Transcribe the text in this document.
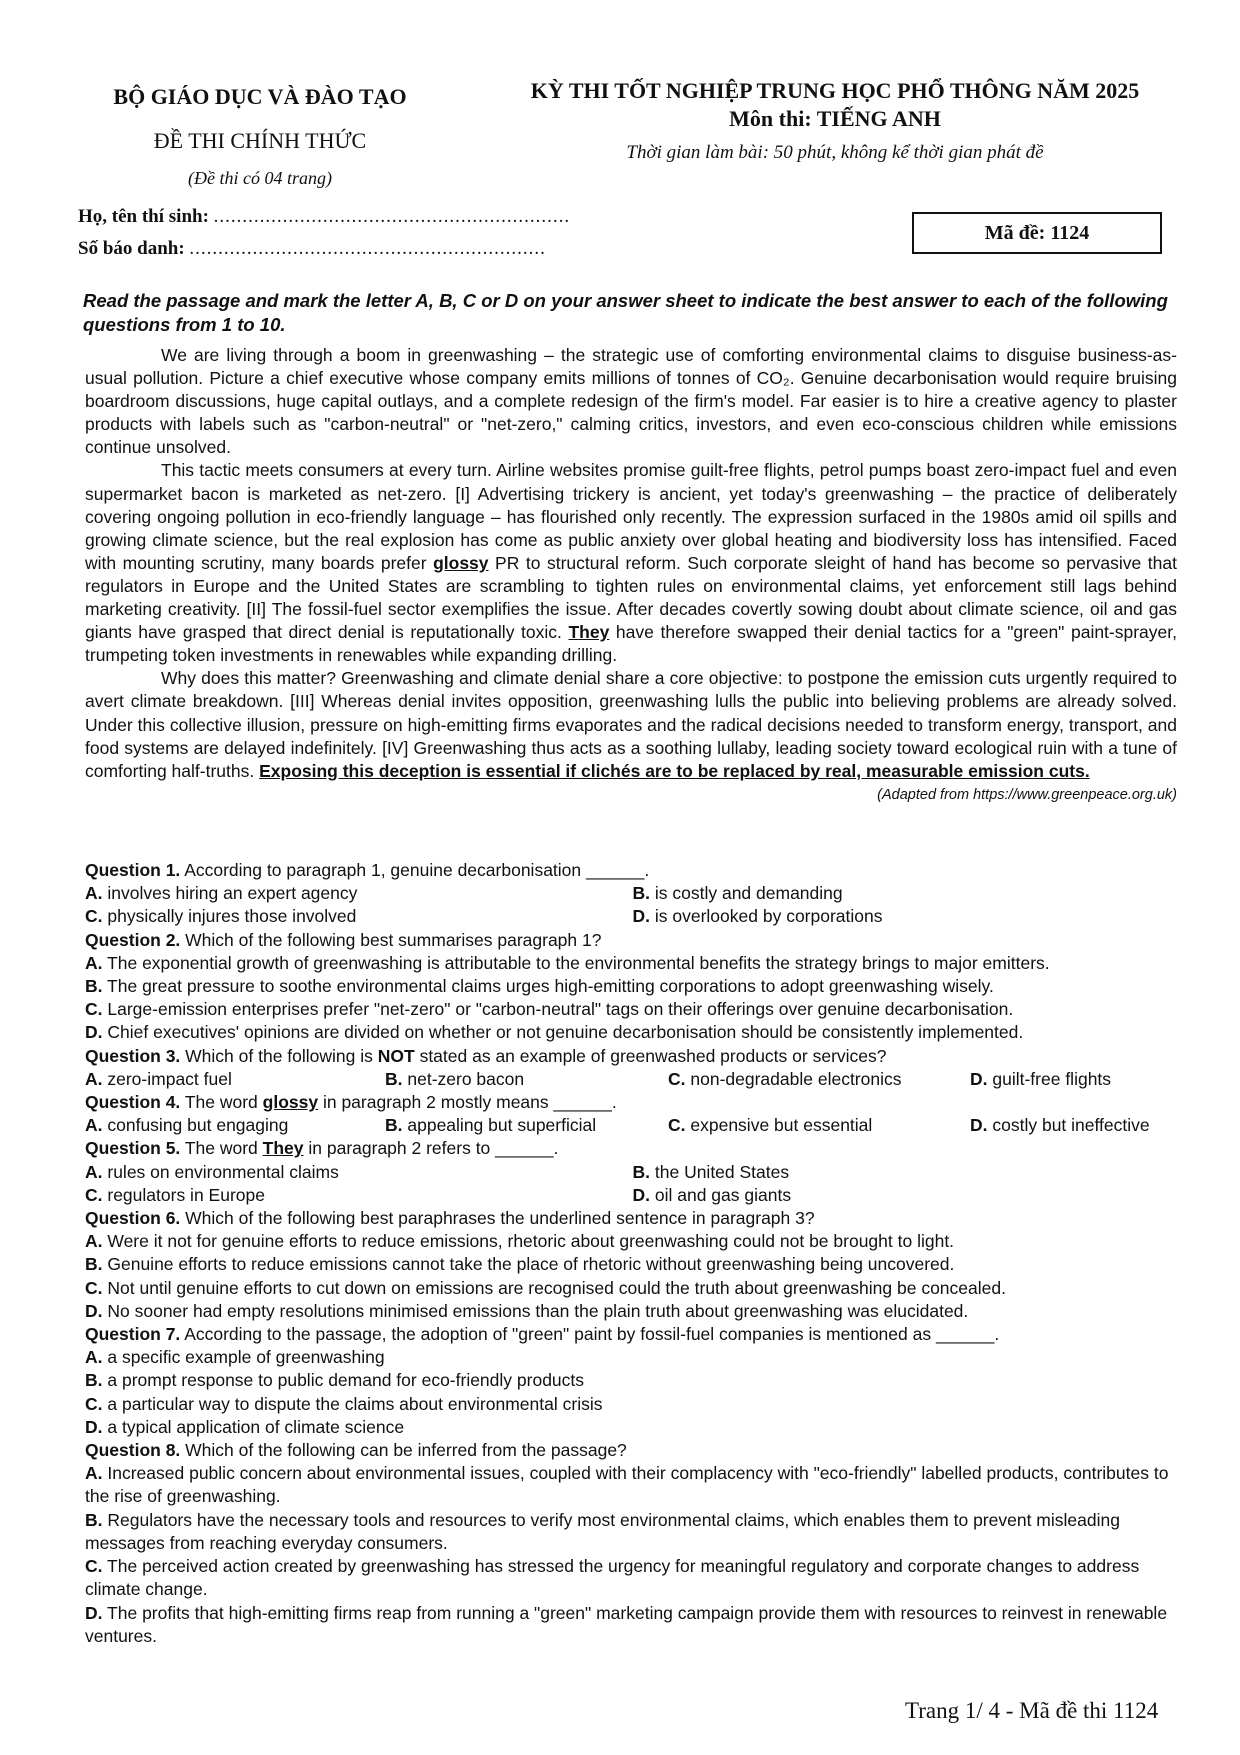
BỘ GIÁO DỤC VÀ ĐÀO TẠO
ĐỀ THI CHÍNH THỨC
(Đề thi có 04 trang)
KỲ THI TỐT NGHIỆP TRUNG HỌC PHỔ THÔNG NĂM 2025
Môn thi: TIẾNG ANH
Thời gian làm bài: 50 phút, không kể thời gian phát đề
Họ, tên thí sinh: ..............................................................
Số báo danh: ..............................................................
Mã đề: 1124
Read the passage and mark the letter A, B, C or D on your answer sheet to indicate the best answer to each of the following questions from 1 to 10.

We are living through a boom in greenwashing – the strategic use of comforting environmental claims to disguise business-as-usual pollution. Picture a chief executive whose company emits millions of tonnes of CO₂. Genuine decarbonisation would require bruising boardroom discussions, huge capital outlays, and a complete redesign of the firm's model. Far easier is to hire a creative agency to plaster products with labels such as "carbon-neutral" or "net-zero," calming critics, investors, and even eco-conscious children while emissions continue unsolved.

This tactic meets consumers at every turn. Airline websites promise guilt-free flights, petrol pumps boast zero-impact fuel and even supermarket bacon is marketed as net-zero. [I] Advertising trickery is ancient, yet today's greenwashing – the practice of deliberately covering ongoing pollution in eco-friendly language – has flourished only recently. The expression surfaced in the 1980s amid oil spills and growing climate science, but the real explosion has come as public anxiety over global heating and biodiversity loss has intensified. Faced with mounting scrutiny, many boards prefer glossy PR to structural reform. Such corporate sleight of hand has become so pervasive that regulators in Europe and the United States are scrambling to tighten rules on environmental claims, yet enforcement still lags behind marketing creativity. [II] The fossil-fuel sector exemplifies the issue. After decades covertly sowing doubt about climate science, oil and gas giants have grasped that direct denial is reputationally toxic. They have therefore swapped their denial tactics for a "green" paint-sprayer, trumpeting token investments in renewables while expanding drilling.

Why does this matter? Greenwashing and climate denial share a core objective: to postpone the emission cuts urgently required to avert climate breakdown. [III] Whereas denial invites opposition, greenwashing lulls the public into believing problems are already solved. Under this collective illusion, pressure on high-emitting firms evaporates and the radical decisions needed to transform energy, transport, and food systems are delayed indefinitely. [IV] Greenwashing thus acts as a soothing lullaby, leading society toward ecological ruin with a tune of comforting half-truths. Exposing this deception is essential if clichés are to be replaced by real, measurable emission cuts.

(Adapted from https://www.greenpeace.org.uk)
Question 1. According to paragraph 1, genuine decarbonisation ______.
A. involves hiring an expert agency	B. is costly and demanding
C. physically injures those involved	D. is overlooked by corporations
Question 2. Which of the following best summarises paragraph 1?
A. The exponential growth of greenwashing is attributable to the environmental benefits the strategy brings to major emitters.
B. The great pressure to soothe environmental claims urges high-emitting corporations to adopt greenwashing wisely.
C. Large-emission enterprises prefer "net-zero" or "carbon-neutral" tags on their offerings over genuine decarbonisation.
D. Chief executives' opinions are divided on whether or not genuine decarbonisation should be consistently implemented.
Question 3. Which of the following is NOT stated as an example of greenwashed products or services?
A. zero-impact fuel	B. net-zero bacon	C. non-degradable electronics	D. guilt-free flights
Question 4. The word glossy in paragraph 2 mostly means ______.
A. confusing but engaging	B. appealing but superficial	C. expensive but essential	D. costly but ineffective
Question 5. The word They in paragraph 2 refers to ______.
A. rules on environmental claims	B. the United States
C. regulators in Europe	D. oil and gas giants
Question 6. Which of the following best paraphrases the underlined sentence in paragraph 3?
A. Were it not for genuine efforts to reduce emissions, rhetoric about greenwashing could not be brought to light.
B. Genuine efforts to reduce emissions cannot take the place of rhetoric without greenwashing being uncovered.
C. Not until genuine efforts to cut down on emissions are recognised could the truth about greenwashing be concealed.
D. No sooner had empty resolutions minimised emissions than the plain truth about greenwashing was elucidated.
Question 7. According to the passage, the adoption of "green" paint by fossil-fuel companies is mentioned as ______.
A. a specific example of greenwashing
B. a prompt response to public demand for eco-friendly products
C. a particular way to dispute the claims about environmental crisis
D. a typical application of climate science
Question 8. Which of the following can be inferred from the passage?
A. Increased public concern about environmental issues, coupled with their complacency with "eco-friendly" labelled products, contributes to the rise of greenwashing.
B. Regulators have the necessary tools and resources to verify most environmental claims, which enables them to prevent misleading messages from reaching everyday consumers.
C. The perceived action created by greenwashing has stressed the urgency for meaningful regulatory and corporate changes to address climate change.
D. The profits that high-emitting firms reap from running a "green" marketing campaign provide them with resources to reinvest in renewable ventures.
Trang 1/ 4 - Mã đề thi 1124
